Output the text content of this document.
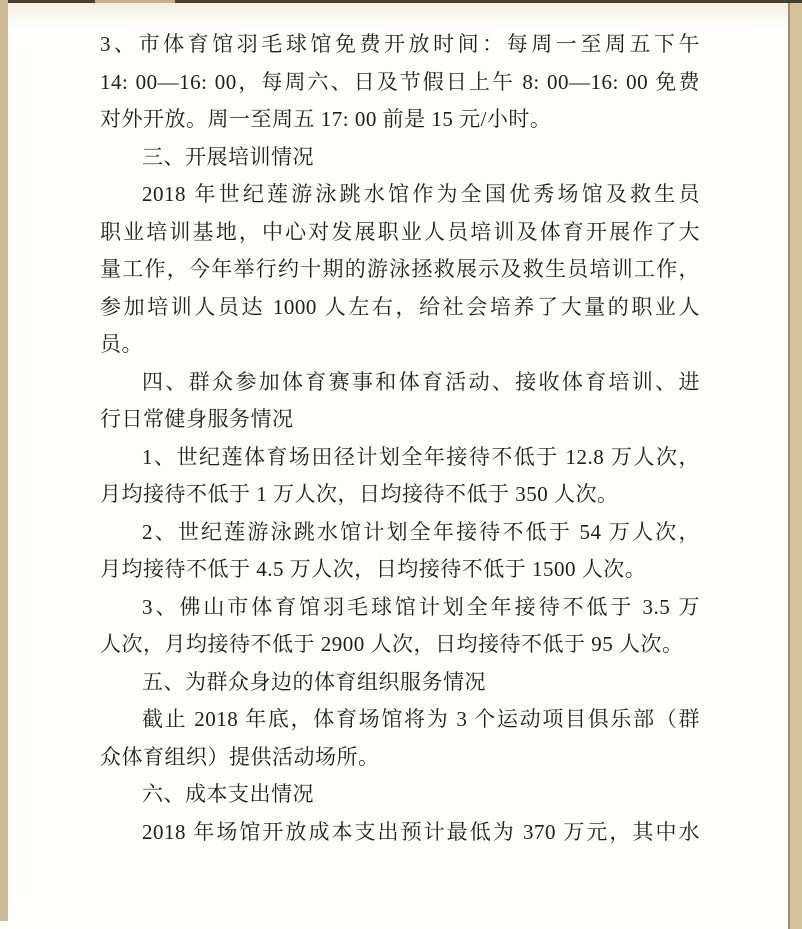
3、市体育馆羽毛球馆免费开放时间：每周一至周五下午
14: 00—16: 00，每周六、日及节假日上午 8: 00—16: 00 免费
对外开放。周一至周五 17: 00 前是 15 元/小时。
三、开展培训情况
2018 年世纪莲游泳跳水馆作为全国优秀场馆及救生员
职业培训基地，中心对发展职业人员培训及体育开展作了大
量工作，今年举行约十期的游泳拯救展示及救生员培训工作，
参加培训人员达 1000 人左右，给社会培养了大量的职业人
员。
四、群众参加体育赛事和体育活动、接收体育培训、进
行日常健身服务情况
1、世纪莲体育场田径计划全年接待不低于 12.8 万人次，
月均接待不低于 1 万人次，日均接待不低于 350 人次。
2、世纪莲游泳跳水馆计划全年接待不低于 54 万人次，
月均接待不低于 4.5 万人次，日均接待不低于 1500 人次。
3、佛山市体育馆羽毛球馆计划全年接待不低于 3.5 万
人次，月均接待不低于 2900 人次，日均接待不低于 95 人次。
五、为群众身边的体育组织服务情况
截止 2018 年底，体育场馆将为 3 个运动项目俱乐部（群
众体育组织）提供活动场所。
六、成本支出情况
2018 年场馆开放成本支出预计最低为 370 万元，其中水
